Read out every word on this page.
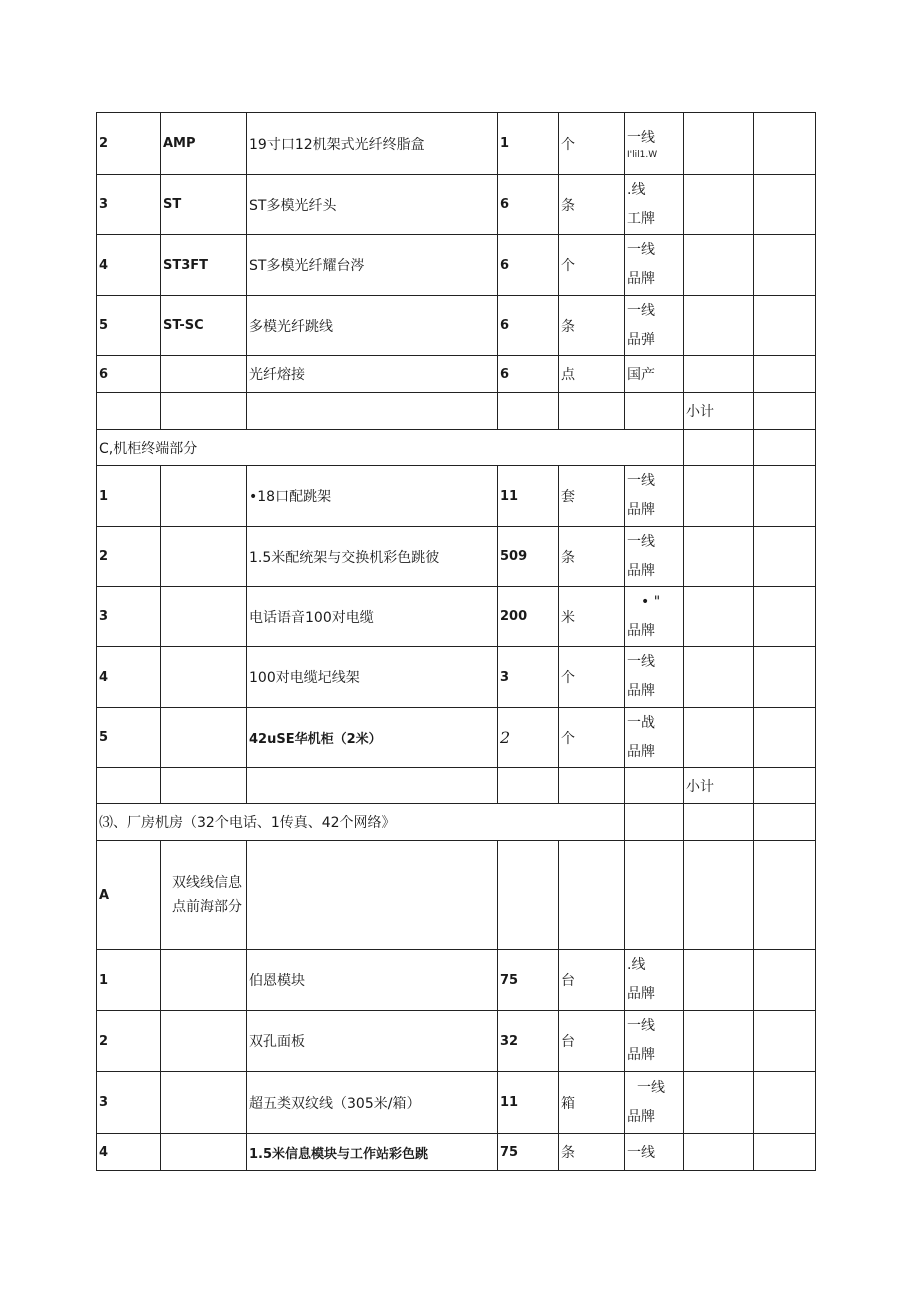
2	AMP	19寸口12机架式光纤终脂盒	1	个	一线
I'lil1.W		

3	ST	ST多模光纤头	6	条	.线
工牌		

4	ST3FT	ST多模光纤耀台涔	6	个	一线
品牌		

5	ST-SC	多模光纤跳线	6	条	一线
品弹		

6		光纤熔接	6	点	国产		
						小计	
C,机柜终端部分							
1		•18口配跳架	11	套	一线
品牌		

2		1.5米配统架与交换机彩色跳彼	509	条	一线
品牌		

3		电话语音100对电缆	200	米	• "
品牌		

4		100对电缆圮线架	3	个	一线
品牌		

5		42uSE华机柜（2米）	2	个	一战
品牌		

						小计	
⑶、厂房机房（32个电话、1传真、42个网络》							
A	双线线信息点前海部分						

1		伯恩模块	75	台	.线
品牌		

2		双孔面板	32	台	一线
品牌		

3		超五类双纹线（305米/箱）	11	箱	一线
品牌		

4		1.5米信息模块与工作站彩色跳	75	条	一线		
